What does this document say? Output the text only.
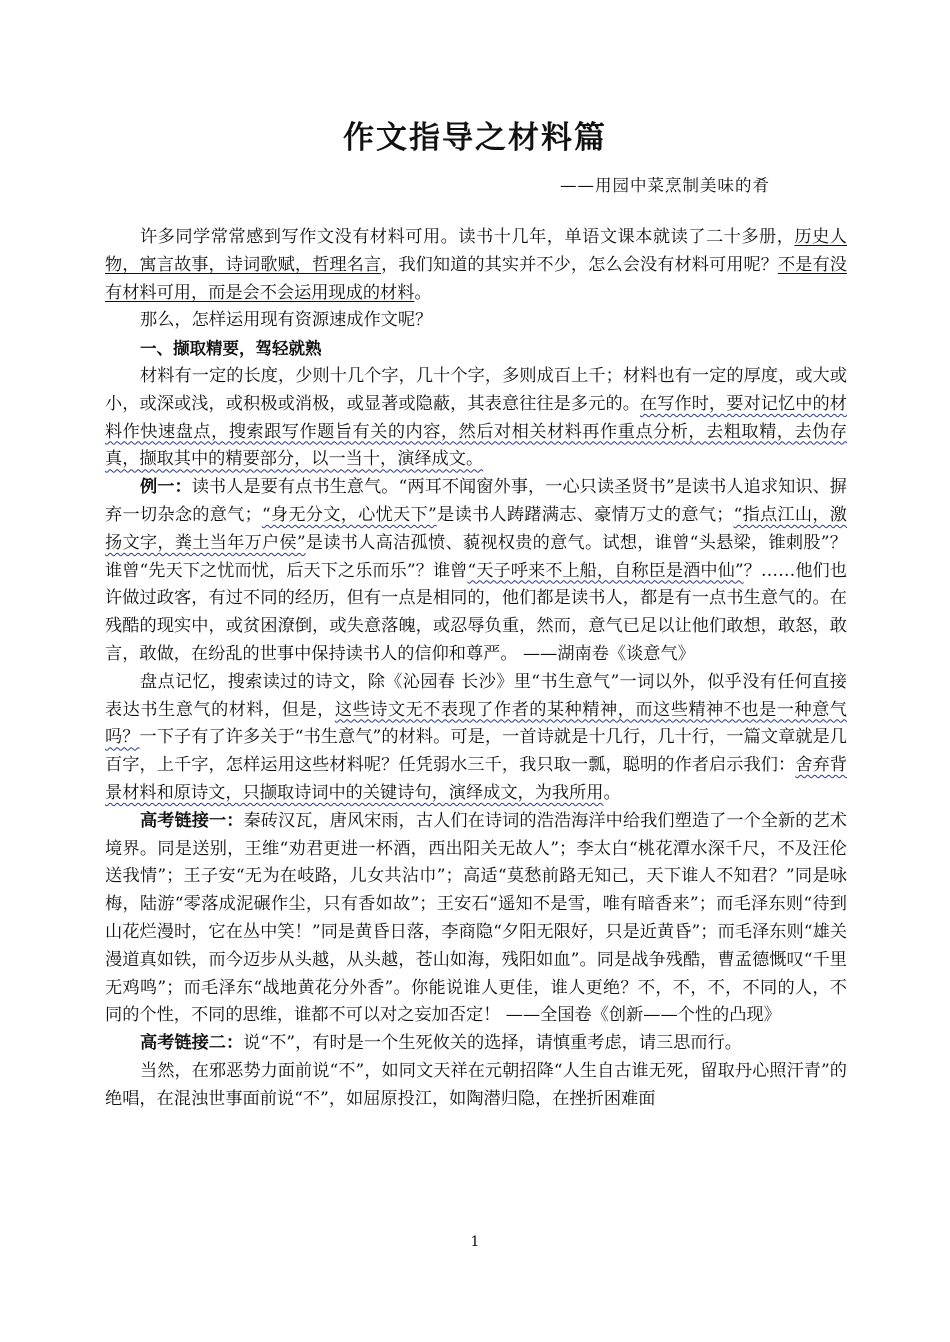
作文指导之材料篇
——用园中菜烹制美味的肴

许多同学常常感到写作文没有材料可用。读书十几年，单语文课本就读了二十多册，历史人物，寓言故事，诗词歌赋，哲理名言，我们知道的其实并不少，怎么会没有材料可用呢？不是有没有材料可用，而是会不会运用现成的材料。

那么，怎样运用现有资源速成作文呢？

一、撷取精要，驾轻就熟

材料有一定的长度，少则十几个字，几十个字，多则成百上千；材料也有一定的厚度，或大或小，或深或浅，或积极或消极，或显著或隐蔽，其表意往往是多元的。在写作时，要对记忆中的材料作快速盘点，搜索跟写作题旨有关的内容，然后对相关材料再作重点分析，去粗取精，去伪存真，撷取其中的精要部分，以一当十，演绎成文。

例一：读书人是要有点书生意气。“两耳不闻窗外事，一心只读圣贤书”是读书人追求知识、摒弃一切杂念的意气；“身无分文，心忧天下”是读书人踌躇满志、豪情万丈的意气；“指点江山，激扬文字，粪土当年万户侯”是读书人高洁孤愤、藐视权贵的意气。试想，谁曾“头悬梁，锥刺股”？谁曾“先天下之忧而忧，后天下之乐而乐”？谁曾“天子呼来不上船，自称臣是酒中仙”？……他们也许做过政客，有过不同的经历，但有一点是相同的，他们都是读书人，都是有一点书生意气的。在残酷的现实中，或贫困潦倒，或失意落魄，或忍辱负重，然而，意气已足以让他们敢想，敢怒，敢言，敢做，在纷乱的世事中保持读书人的信仰和尊严。 ——湖南卷《谈意气》

盘点记忆，搜索读过的诗文，除《沁园春 长沙》里“书生意气”一词以外，似乎没有任何直接表达书生意气的材料，但是，这些诗文无不表现了作者的某种精神，而这些精神不也是一种意气吗？一下子有了许多关于“书生意气”的材料。可是，一首诗就是十几行，几十行，一篇文章就是几百字，上千字，怎样运用这些材料呢？任凭弱水三千，我只取一瓢，聪明的作者启示我们：舍弃背景材料和原诗文，只撷取诗词中的关键诗句，演绎成文，为我所用。

高考链接一：秦砖汉瓦，唐风宋雨，古人们在诗词的浩浩海洋中给我们塑造了一个全新的艺术境界。同是送别，王维“劝君更进一杯酒，西出阳关无故人”；李太白“桃花潭水深千尺，不及汪伦送我情”；王子安“无为在岐路，儿女共沾巾”；高适“莫愁前路无知己，天下谁人不知君？”同是咏梅，陆游“零落成泥碾作尘，只有香如故”；王安石“遥知不是雪，唯有暗香来”；而毛泽东则“待到山花烂漫时，它在丛中笑！”同是黄昏日落，李商隐“夕阳无限好，只是近黄昏”；而毛泽东则“雄关漫道真如铁，而今迈步从头越，从头越，苍山如海，残阳如血”。同是战争残酷，曹孟德慨叹“千里无鸡鸣”；而毛泽东“战地黄花分外香”。你能说谁人更佳，谁人更绝？不，不，不，不同的人，不同的个性，不同的思维，谁都不可以对之妄加否定！ ——全国卷《创新——个性的凸现》

高考链接二：说“不”，有时是一个生死攸关的选择，请慎重考虑，请三思而行。

当然，在邪恶势力面前说“不”，如同文天祥在元朝招降“人生自古谁无死，留取丹心照汗青”的绝唱，在混浊世事面前说“不”，如屈原投江，如陶潜归隐，在挫折困难面

1
